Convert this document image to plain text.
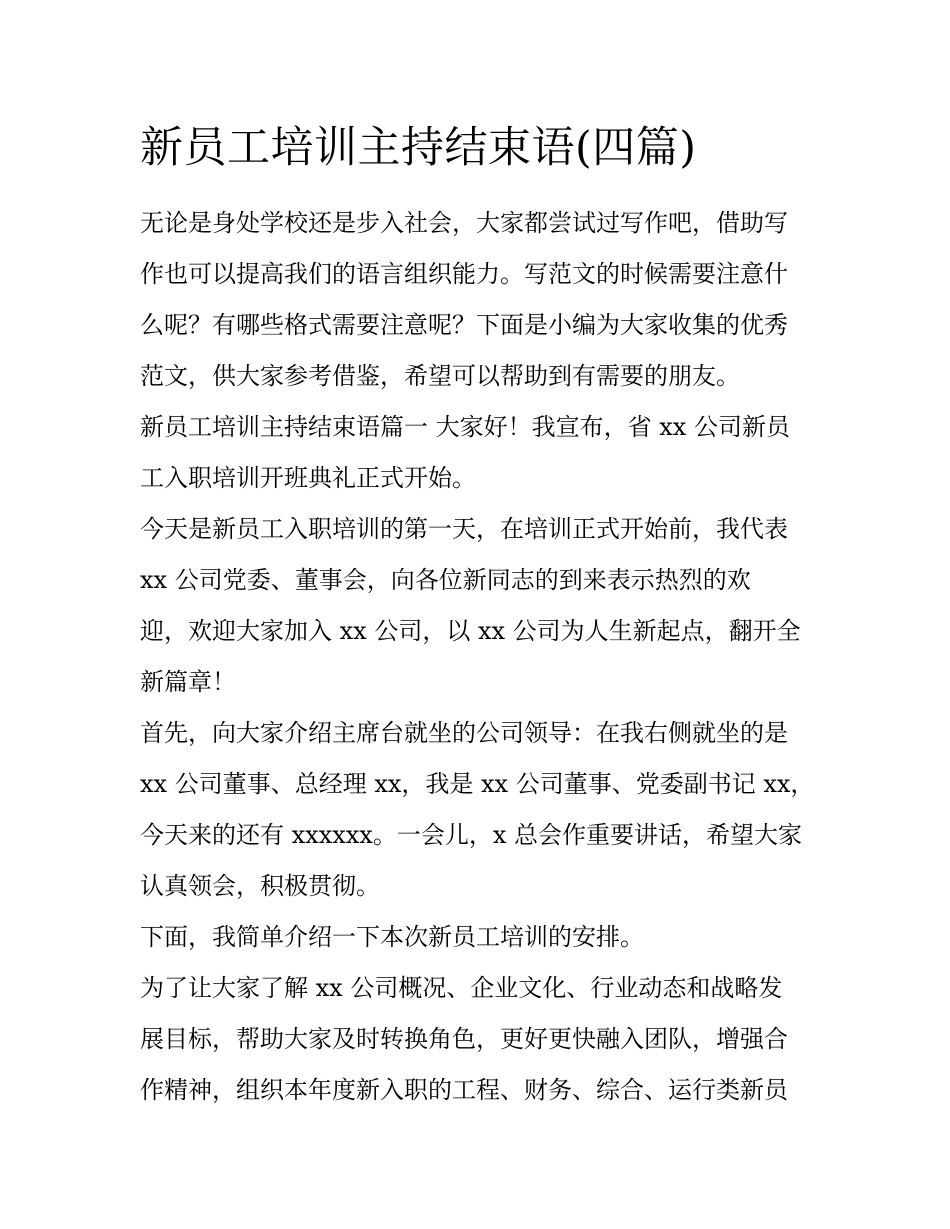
新员工培训主持结束语(四篇)

无论是身处学校还是步入社会，大家都尝试过写作吧，借助写

作也可以提高我们的语言组织能力。写范文的时候需要注意什

么呢？有哪些格式需要注意呢？下面是小编为大家收集的优秀

范文，供大家参考借鉴，希望可以帮助到有需要的朋友。

新员工培训主持结束语篇一 大家好！我宣布，省 xx 公司新员

工入职培训开班典礼正式开始。

今天是新员工入职培训的第一天，在培训正式开始前，我代表

xx 公司党委、董事会，向各位新同志的到来表示热烈的欢

迎，欢迎大家加入 xx 公司，以 xx 公司为人生新起点，翻开全

新篇章！

首先，向大家介绍主席台就坐的公司领导：在我右侧就坐的是

xx 公司董事、总经理 xx，我是 xx 公司董事、党委副书记 xx，

今天来的还有 xxxxxx。一会儿，x 总会作重要讲话，希望大家

认真领会，积极贯彻。

下面，我简单介绍一下本次新员工培训的安排。

为了让大家了解 xx 公司概况、企业文化、行业动态和战略发

展目标，帮助大家及时转换角色，更好更快融入团队，增强合

作精神，组织本年度新入职的工程、财务、综合、运行类新员
